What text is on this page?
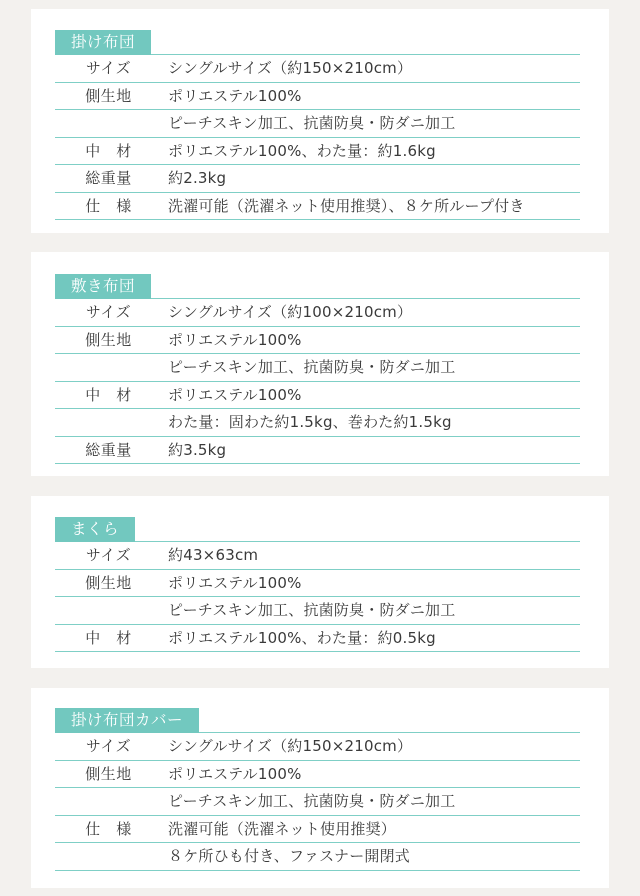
掛け布団
サイズ	シングルサイズ（約150×210cm）
側生地	ポリエステル100%
ピーチスキン加工、抗菌防臭・防ダニ加工
中　材	ポリエステル100%、わた量：約1.6kg
総重量	約2.3kg
仕　様	洗濯可能（洗濯ネット使用推奨）、８ケ所ループ付き
敷き布団
サイズ	シングルサイズ（約100×210cm）
側生地	ポリエステル100%
ピーチスキン加工、抗菌防臭・防ダニ加工
中　材	ポリエステル100%
わた量：固わた約1.5kg、巻わた約1.5kg
総重量	約3.5kg
まくら
サイズ	約43×63cm
側生地	ポリエステル100%
ピーチスキン加工、抗菌防臭・防ダニ加工
中　材	ポリエステル100%、わた量：約0.5kg
掛け布団カバー
サイズ	シングルサイズ（約150×210cm）
側生地	ポリエステル100%
ピーチスキン加工、抗菌防臭・防ダニ加工
仕　様	洗濯可能（洗濯ネット使用推奨）
８ケ所ひも付き、ファスナー開閉式
